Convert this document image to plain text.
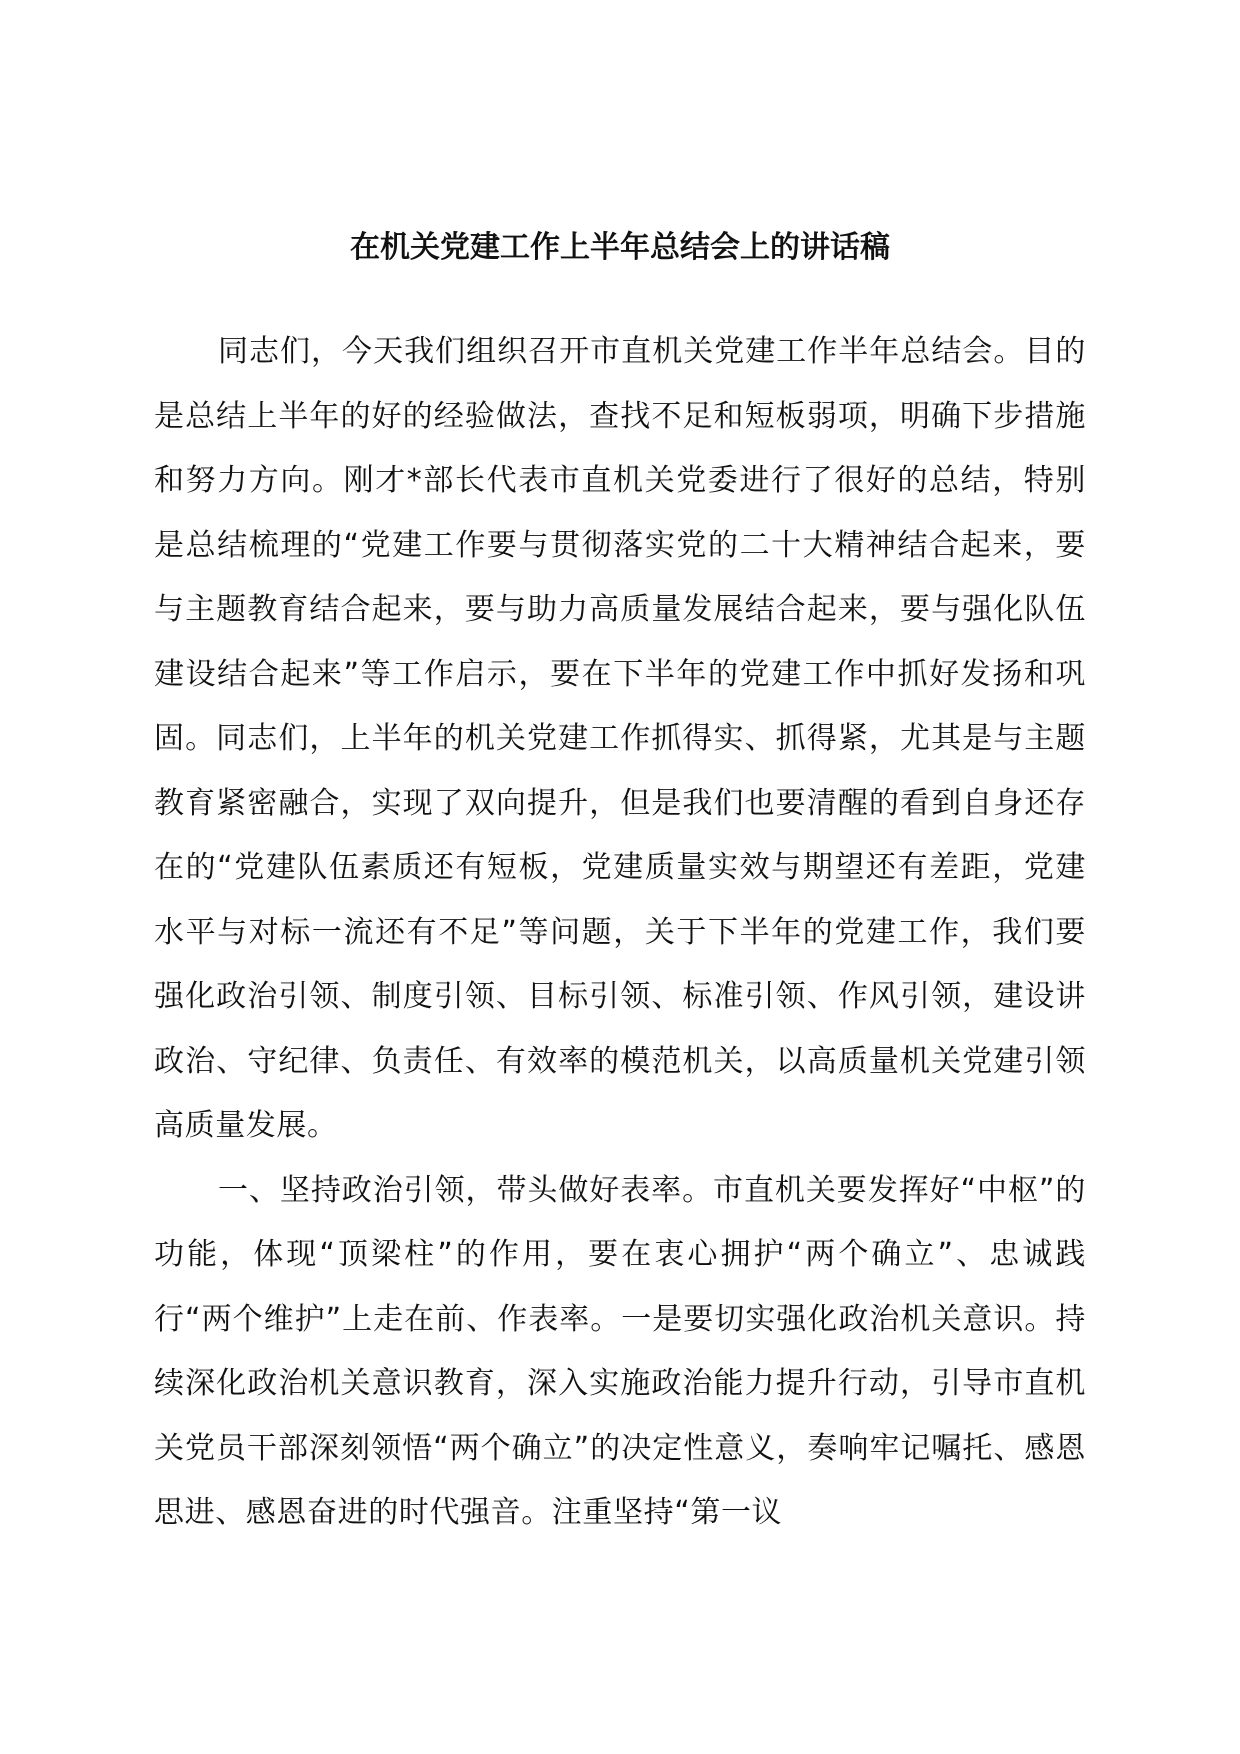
在机关党建工作上半年总结会上的讲话稿

同志们，今天我们组织召开市直机关党建工作半年总结会。目的是总结上半年的好的经验做法，查找不足和短板弱项，明确下步措施和努力方向。刚才*部长代表市直机关党委进行了很好的总结，特别是总结梳理的“党建工作要与贯彻落实党的二十大精神结合起来，要与主题教育结合起来，要与助力高质量发展结合起来，要与强化队伍建设结合起来”等工作启示，要在下半年的党建工作中抓好发扬和巩固。同志们，上半年的机关党建工作抓得实、抓得紧，尤其是与主题教育紧密融合，实现了双向提升，但是我们也要清醒的看到自身还存在的“党建队伍素质还有短板，党建质量实效与期望还有差距，党建水平与对标一流还有不足”等问题，关于下半年的党建工作，我们要强化政治引领、制度引领、目标引领、标准引领、作风引领，建设讲政治、守纪律、负责任、有效率的模范机关，以高质量机关党建引领高质量发展。

一、坚持政治引领，带头做好表率。市直机关要发挥好“中枢”的功能，体现“顶梁柱”的作用，要在衷心拥护“两个确立”、忠诚践行“两个维护”上走在前、作表率。一是要切实强化政治机关意识。持续深化政治机关意识教育，深入实施政治能力提升行动，引导市直机关党员干部深刻领悟“两个确立”的决定性意义，奏响牢记嘱托、感恩思进、感恩奋进的时代强音。注重坚持“第一议
